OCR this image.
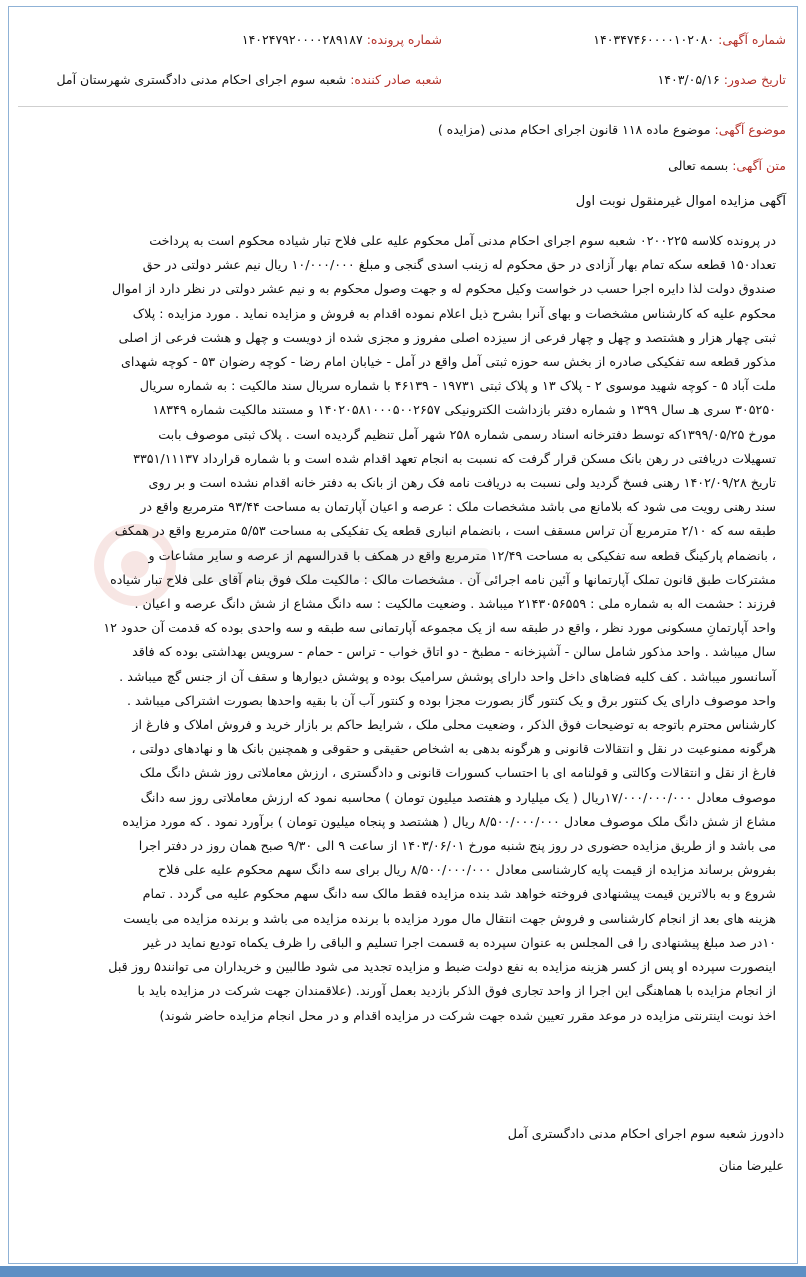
شماره آگهی: ۱۴۰۳۴۷۴۶۰۰۰۰۱۰۲۰۸۰
شماره پرونده: ۱۴۰۲۴۷۹۲۰۰۰۰۲۸۹۱۸۷
تاریخ صدور: ۱۴۰۳/۰۵/۱۶
شعبه صادر کننده: شعبه سوم اجرای احکام مدنی دادگستری شهرستان آمل
موضوع آگهی: موضوع ماده ۱۱۸ قانون اجرای احکام مدنی (مزایده )
متن آگهی: بسمه تعالی
آگهی مزایده اموال غیرمنقول نوبت اول
در پرونده کلاسه ۰۲۰۰۲۲۵ شعبه سوم اجرای احکام مدنی آمل محکوم علیه علی فلاح تبار شیاده محکوم است به پرداخت
تعداد۱۵۰ قطعه سکه تمام بهار آزادی در حق محکوم له زینب اسدی گنجی و مبلغ ۱۰/۰۰۰/۰۰۰ ریال نیم عشر دولتی در حق
صندوق دولت لذا دایره اجرا حسب در خواست وکیل محکوم له و جهت وصول محکوم به و نیم عشر دولتی در نظر دارد از اموال
محکوم علیه که کارشناس مشخصات و بهای آنرا بشرح ذیل اعلام نموده اقدام به فروش و مزایده نماید . مورد مزایده : پلاک
ثبتی چهار هزار و هشتصد و چهل و چهار فرعی از سیزده اصلی مفروز و مجزی شده از دویست و چهل و هشت فرعی از اصلی
مذکور قطعه سه تفکیکی صادره از بخش سه حوزه ثبتی آمل واقع در آمل - خیابان امام رضا - کوچه رضوان ۵۳ - کوچه شهدای
ملت آباد ۵ - کوچه شهید موسوی ۲ - پلاک ۱۳ و پلاک ثبتی ۱۹۷۳۱ - ۴۶۱۳۹ با شماره سریال سند مالکیت : به شماره سریال
۳۰۵۲۵۰ سری هـ سال ۱۳۹۹ و شماره دفتر بازداشت الکترونیکی ۱۴۰۲۰۵۸۱۰۰۰۵۰۰۲۶۵۷ و مستند مالکیت شماره ۱۸۳۴۹
مورخ ۱۳۹۹/۰۵/۲۵که توسط دفترخانه اسناد رسمی شماره ۲۵۸ شهر آمل تنظیم گردیده است . پلاک ثبتی موصوف بابت
تسهیلات دریافتی در رهن بانک مسکن قرار گرفت که نسبت به انجام تعهد اقدام شده است و با شماره قرارداد ۳۳۵۱/۱۱۱۳۷
تاریخ ۱۴۰۲/۰۹/۲۸ رهنی فسخ گردید ولی نسبت به دریافت نامه فک رهن از بانک به دفتر خانه اقدام نشده است و بر روی
سند رهنی رویت می شود که بلامانع می باشد مشخصات ملک : عرصه و اعیان آپارتمان به مساحت ۹۳/۴۴ مترمربع واقع در
طبقه سه که ۲/۱۰ مترمربع آن تراس مسقف است ، بانضمام انباری قطعه یک تفکیکی به مساحت ۵/۵۳ مترمربع واقع در همکف
، بانضمام پارکینگ قطعه سه تفکیکی به مساحت ۱۲/۴۹ مترمربع واقع در همکف با قدرالسهم از عرصه و سایر مشاعات و
مشترکات طبق قانون تملک آپارتمانها و آئین نامه اجرائی آن . مشخصات مالک : مالکیت ملک فوق بنام آقای علی فلاح تبار شیاده
فرزند : حشمت اله به شماره ملی : ۲۱۴۳۰۵۶۵۵۹ میباشد . وضعیت مالکیت : سه دانگ مشاع از شش دانگ عرصه و اعیان .
واحد آپارتمانِ مسکونی مورد نظر ، واقع در طبقه سه از یک مجموعه آپارتمانی سه طبقه و سه واحدی بوده که قدمت آن حدود ۱۲
سال میباشد . واحد مذکور شامل سالن - آشپزخانه - مطبخ - دو اتاق خواب - تراس - حمام - سرویس بهداشتی بوده که فاقد
آسانسور میباشد . کف کلیه فضاهای داخل واحد دارای پوشش سرامیک بوده و پوشش دیوارها و سقف آن از جنس گچ میباشد .
واحد موصوف دارای یک کنتور برق و یک کنتور گاز بصورت مجزا بوده و کنتور آب آن با بقیه واحدها بصورت اشتراکی میباشد .
کارشناس محترم باتوجه به توضیحات فوق الذکر ، وضعیت محلی ملک ، شرایط حاکم بر بازار خرید و فروش املاک و فارغ از
هرگونه ممنوعیت در نقل و انتقالات قانونی و هرگونه بدهی به اشخاص حقیقی و حقوقی و همچنین بانک ها و نهادهای دولتی ،
فارغ از نقل و انتقالات وکالتی و قولنامه ای با احتساب کسورات قانونی و دادگستری ، ارزش معاملاتی روز شش دانگ ملک
موصوف معادل ۱۷/۰۰۰/۰۰۰/۰۰۰ریال ( یک میلیارد و هفتصد میلیون تومان ) محاسبه نمود که ارزش معاملاتی روز سه دانگ
مشاع از شش دانگ ملک موصوف معادل ۸/۵۰۰/۰۰۰/۰۰۰ ریال ( هشتصد و پنجاه میلیون تومان ) برآورد نمود . که مورد مزایده
می باشد و از طریق مزایده حضوری در روز پنج شنبه مورخ ۱۴۰۳/۰۶/۰۱ از ساعت ۹ الی ۹/۳۰ صبح همان روز در دفتر اجرا
بفروش برساند مزایده از قیمت پایه کارشناسی معادل ۸/۵۰۰/۰۰۰/۰۰۰ ریال برای سه دانگ سهم محکوم علیه علی فلاح
شروع و به بالاترین قیمت پیشنهادی فروخته خواهد شد بنده مزایده فقط مالک سه دانگ سهم محکوم علیه می گردد . تمام
هزینه های بعد از انجام کارشناسی و فروش جهت انتقال مال مورد مزایده با برنده مزایده می باشد و برنده مزایده می بایست
۱۰در صد مبلغ پیشنهادی را فی المجلس به عنوان سپرده به قسمت اجرا تسلیم و الباقی را ظرف یکماه تودیع نماید در غیر
اینصورت سپرده او پس از کسر هزینه مزایده به نفع دولت ضبط و مزایده تجدید می شود طالبین و خریداران می توانند۵ روز قبل
از انجام مزایده با هماهنگی این اجرا از واحد تجاری فوق الذکر بازدید بعمل آورند. (علاقمندان جهت شرکت در مزایده باید با
اخذ نوبت اینترنتی مزایده در موعد مقرر تعیین شده جهت شرکت در مزایده اقدام و در محل انجام مزایده حاضر شوند)
دادورز شعبه سوم اجرای احکام مدنی دادگستری آمل
علیرضا منان
